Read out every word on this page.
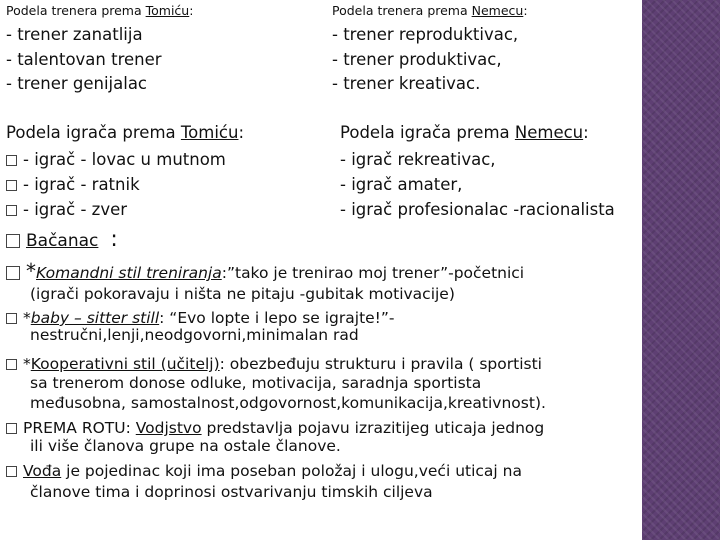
Podela trenera prema Tomiću:	Podela trenera prema Nemecu:
- trener zanatlija
- talentovan trener
- trener genijalac
- trener reproduktivac,
- trener produktivac,
- trener kreativac.
Podela igrača prema Tomiću:	Podela igrača prema Nemecu:
- igrač - lovac u mutnom
- igrač - ratnik
- igrač - zver
- igrač rekreativac,
- igrač amater,
- igrač profesionalac -racionalista
Bačanac :
*Komandni stil treniranja:”tako je trenirao moj trener”-početnici
(igrači pokoravaju i ništa ne pitaju -gubitak motivacije)
*baby – sitter still: “Evo lopte i lepo se igrajte!”-
nestručni,lenji,neodgovorni,minimalan rad
*Kooperativni stil (učitelj): obezbeđuju strukturu i pravila ( sportisti
sa trenerom donose odluke, motivacija, saradnja sportista
međusobna, samostalnost,odgovornost,komunikacija,kreativnost).
PREMA ROTU: Vodjstvo predstavlja pojavu izrazitijeg uticaja jednog
ili više članova grupe na ostale članove.
Vođa je pojedinac koji ima poseban položaj i ulogu,veći uticaj na
članove tima i doprinosi ostvarivanju timskih ciljeva
